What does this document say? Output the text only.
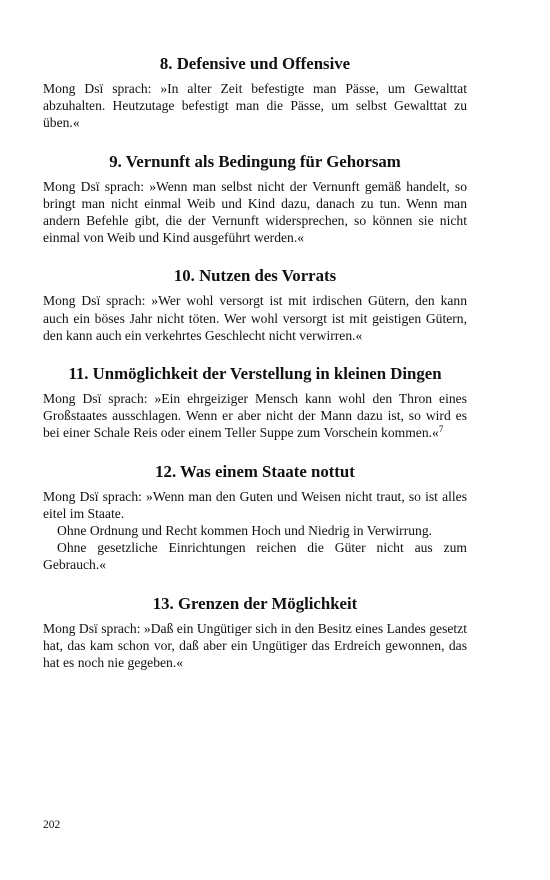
8. Defensive und Offensive

Mong Dsï sprach: »In alter Zeit befestigte man Pässe, um Gewalttat abzuhalten. Heutzutage befestigt man die Pässe, um selbst Gewalttat zu üben.«

9. Vernunft als Bedingung für Gehorsam

Mong Dsï sprach: »Wenn man selbst nicht der Vernunft gemäß handelt, so bringt man nicht einmal Weib und Kind dazu, danach zu tun. Wenn man andern Befehle gibt, die der Vernunft widersprechen, so können sie nicht einmal von Weib und Kind ausgeführt werden.«

10. Nutzen des Vorrats

Mong Dsï sprach: »Wer wohl versorgt ist mit irdischen Gütern, den kann auch ein böses Jahr nicht töten. Wer wohl versorgt ist mit geistigen Gütern, den kann auch ein verkehrtes Geschlecht nicht verwirren.«

11. Unmöglichkeit der Verstellung in kleinen Dingen

Mong Dsï sprach: »Ein ehrgeiziger Mensch kann wohl den Thron eines Großstaates ausschlagen. Wenn er aber nicht der Mann dazu ist, so wird es bei einer Schale Reis oder einem Teller Suppe zum Vorschein kommen.«$^7$

12. Was einem Staate nottut

Mong Dsï sprach: »Wenn man den Guten und Weisen nicht traut, so ist alles eitel im Staate.

Ohne Ordnung und Recht kommen Hoch und Niedrig in Verwirrung.

Ohne gesetzliche Einrichtungen reichen die Güter nicht aus zum Gebrauch.«

13. Grenzen der Möglichkeit

Mong Dsï sprach: »Daß ein Ungütiger sich in den Besitz eines Landes gesetzt hat, das kam schon vor, daß aber ein Ungütiger das Erdreich gewonnen, das hat es noch nie gegeben.«

202
